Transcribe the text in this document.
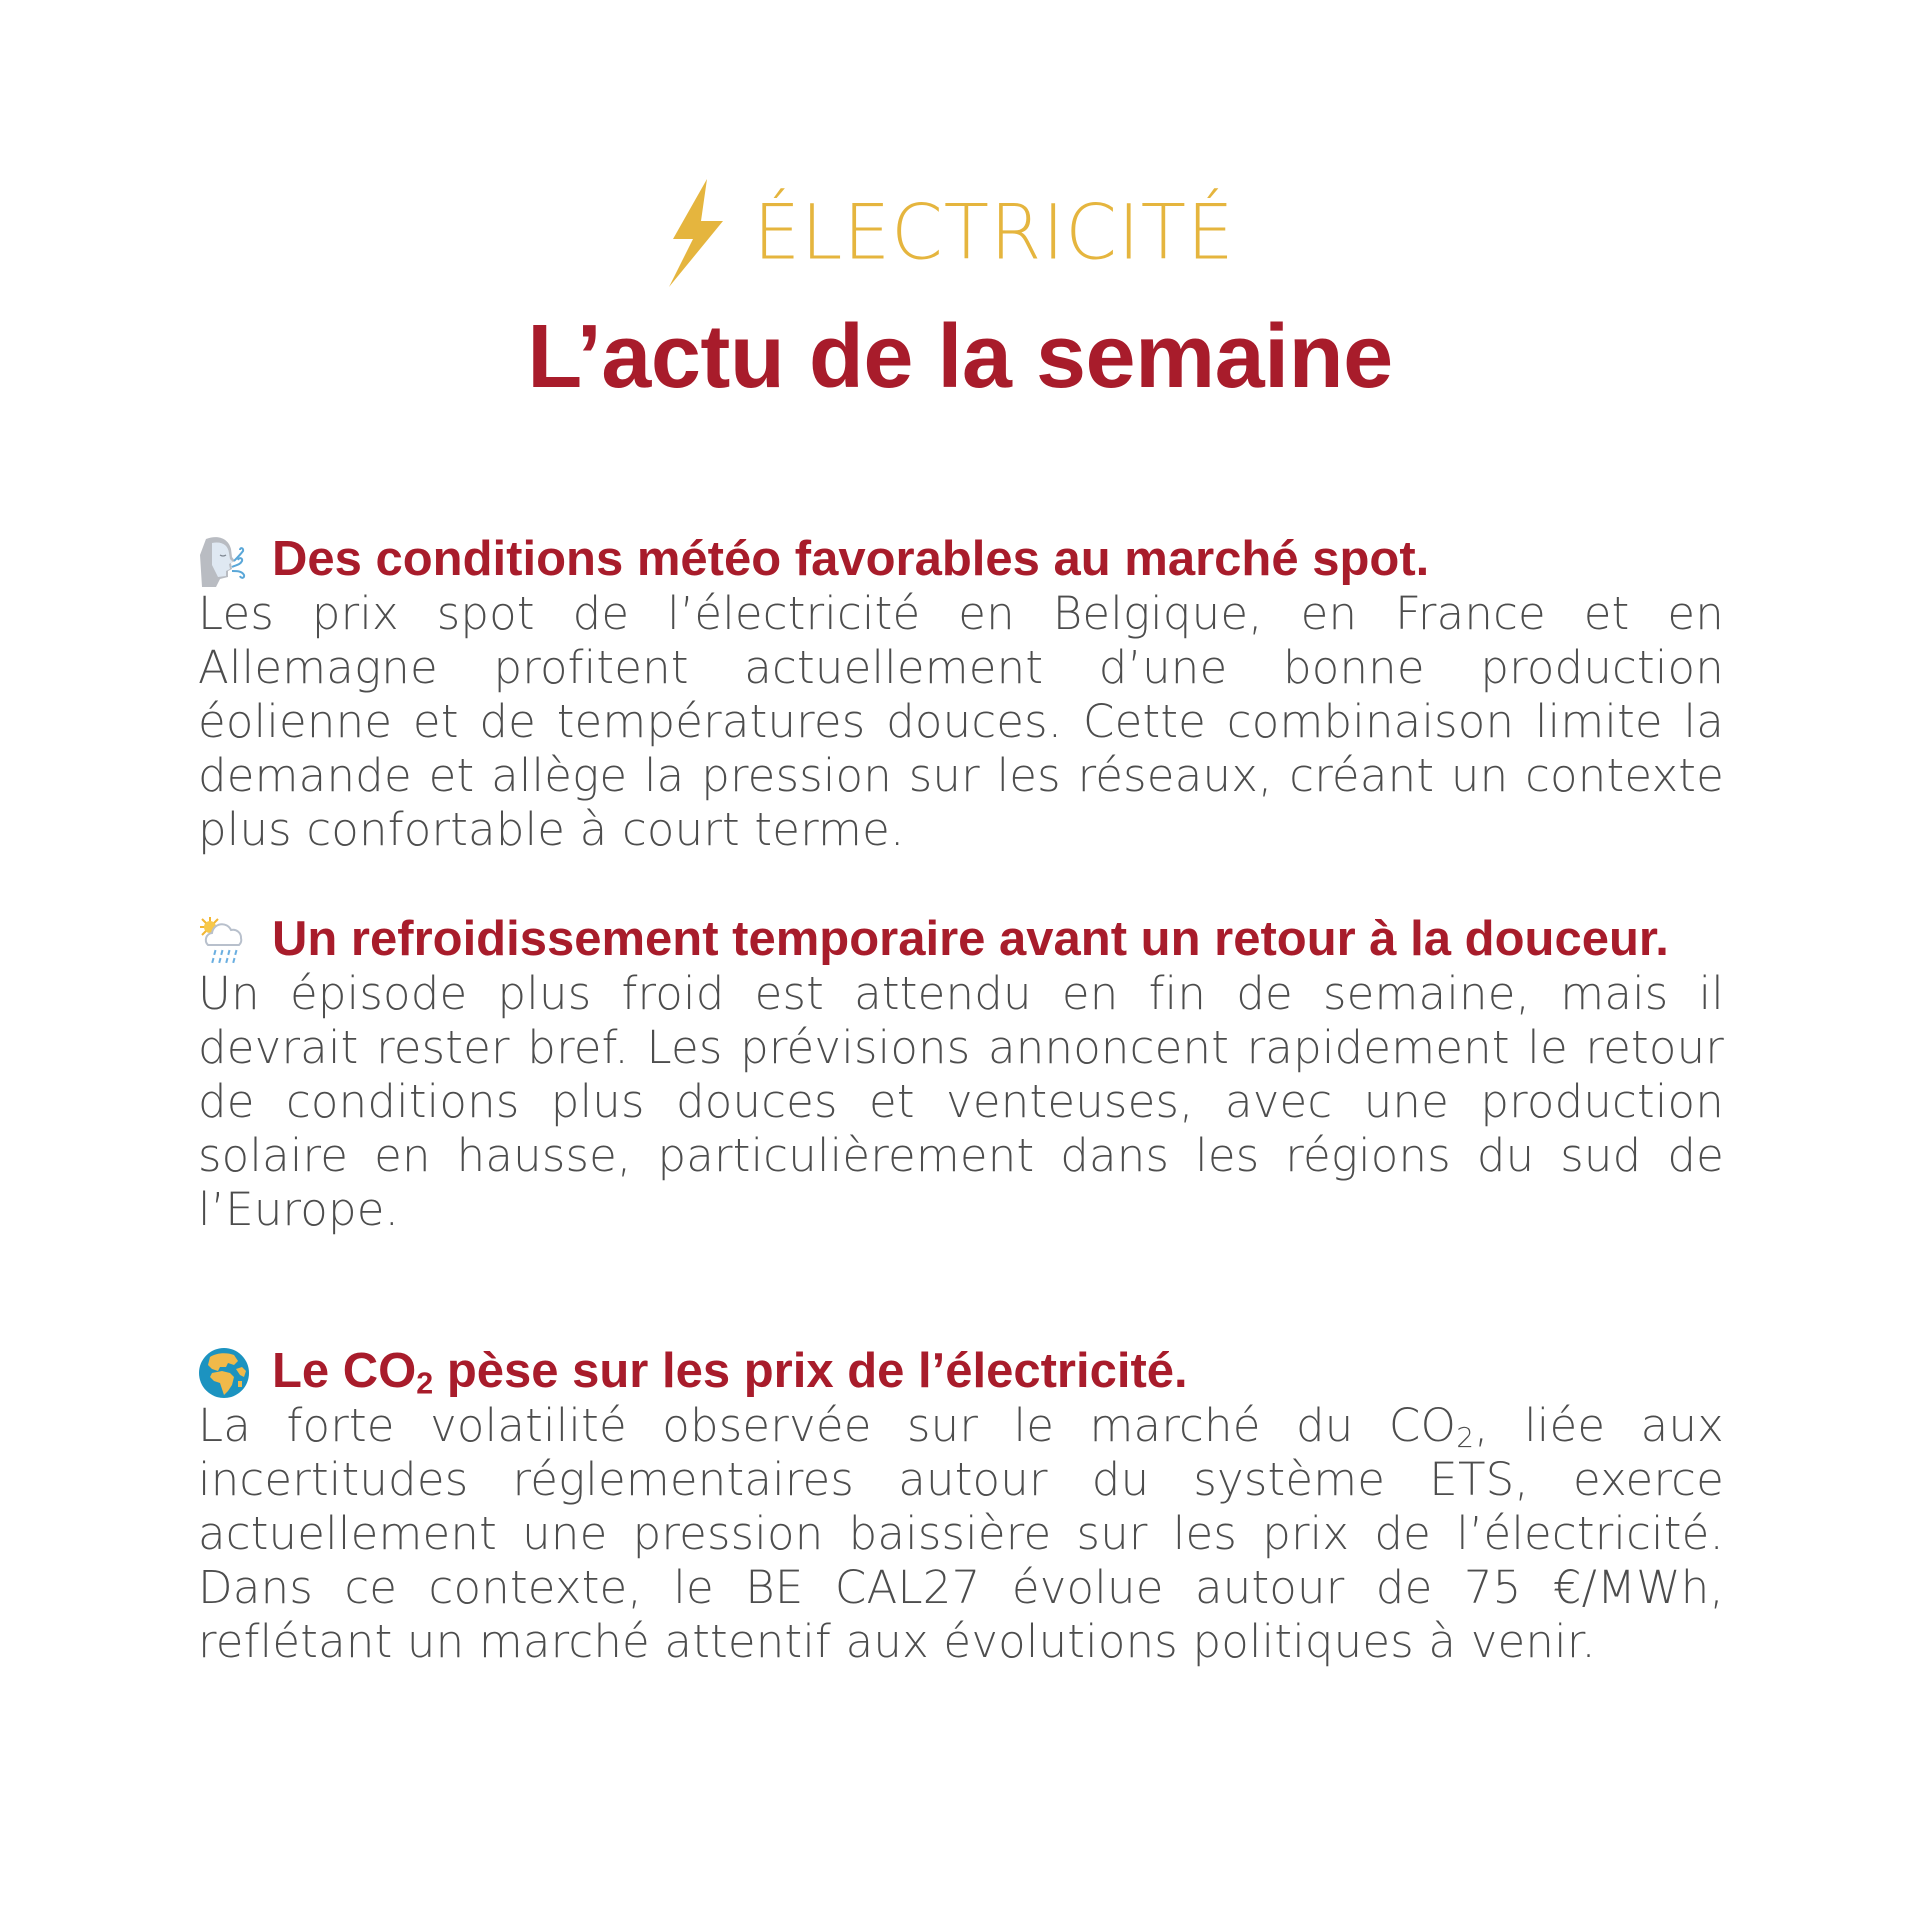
ÉLECTRICITÉ
L’actu de la semaine
Des conditions météo favorables au marché spot.

Les prix spot de l’électricité en Belgique, en France et en Allemagne profitent actuellement d’une bonne production éolienne et de températures douces. Cette combinaison limite la demande et allège la pression sur les réseaux, créant un contexte plus confortable à court terme.

Un refroidissement temporaire avant un retour à la douceur.

Un épisode plus froid est attendu en fin de semaine, mais il devrait rester bref. Les prévisions annoncent rapidement le retour de conditions plus douces et venteuses, avec une production solaire en hausse, particulièrement dans les régions du sud de l’Europe.

Le $CO_2$ pèse sur les prix de l’électricité.

La forte volatilité observée sur le marché du $CO_2$, liée aux incertitudes réglementaires autour du système ETS, exerce actuellement une pression baissière sur les prix de l’électricité. Dans ce contexte, le BE CAL27 évolue autour de 75 €/MWh, reflétant un marché attentif aux évolutions politiques à venir.
